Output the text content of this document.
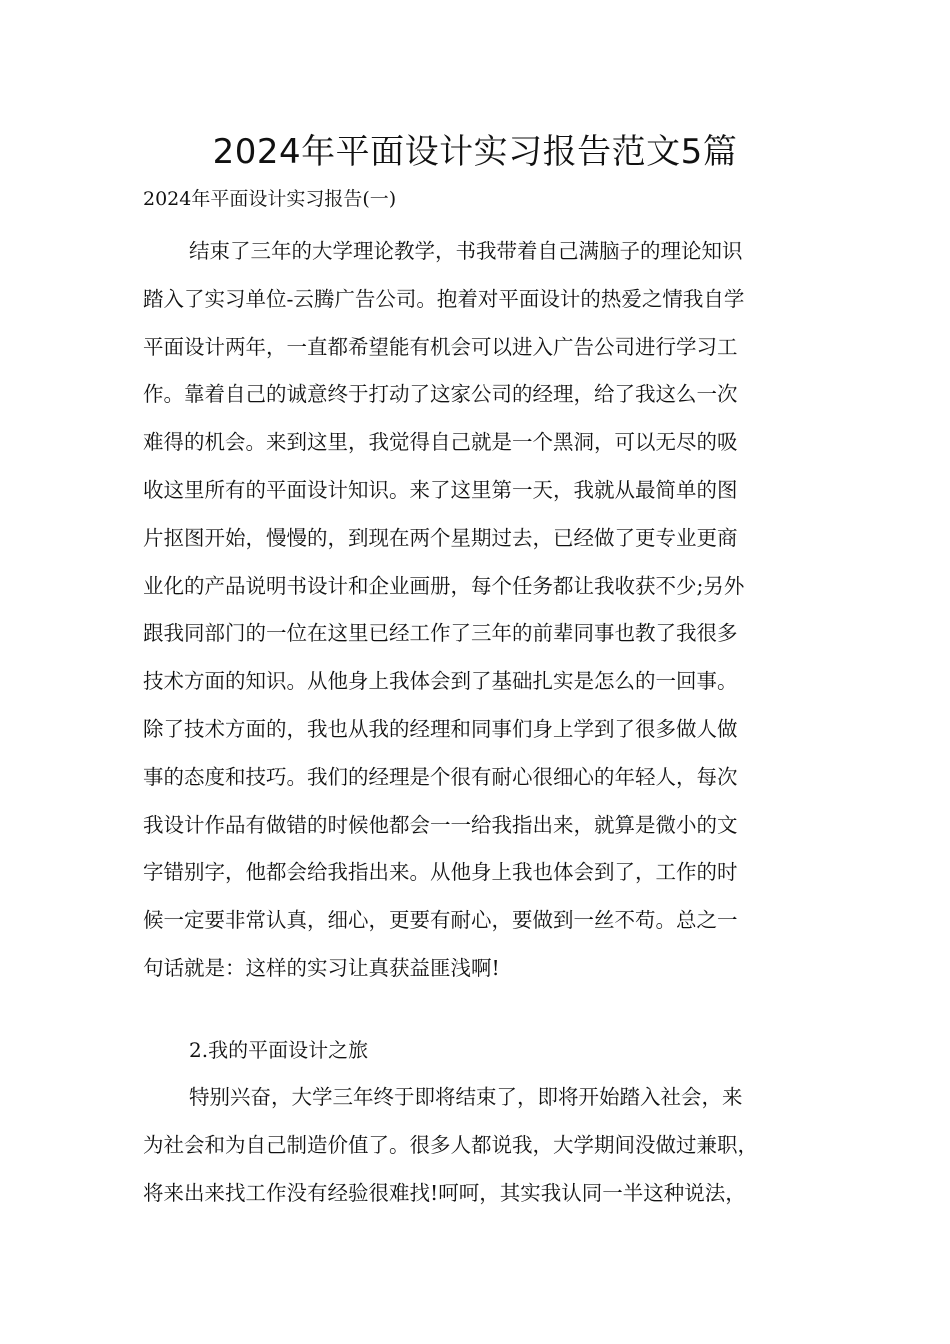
2024年平面设计实习报告范文5篇

2024年平面设计实习报告(一)

结束了三年的大学理论教学，书我带着自己满脑子的理论知识
踏入了实习单位-云腾广告公司。抱着对平面设计的热爱之情我自学
平面设计两年，一直都希望能有机会可以进入广告公司进行学习工
作。靠着自己的诚意终于打动了这家公司的经理，给了我这么一次
难得的机会。来到这里，我觉得自己就是一个黑洞，可以无尽的吸
收这里所有的平面设计知识。来了这里第一天，我就从最简单的图
片抠图开始，慢慢的，到现在两个星期过去，已经做了更专业更商
业化的产品说明书设计和企业画册，每个任务都让我收获不少;另外
跟我同部门的一位在这里已经工作了三年的前辈同事也教了我很多
技术方面的知识。从他身上我体会到了基础扎实是怎么的一回事。
除了技术方面的，我也从我的经理和同事们身上学到了很多做人做
事的态度和技巧。我们的经理是个很有耐心很细心的年轻人，每次
我设计作品有做错的时候他都会一一给我指出来，就算是微小的文
字错别字，他都会给我指出来。从他身上我也体会到了，工作的时
候一定要非常认真，细心，更要有耐心，要做到一丝不苟。总之一
句话就是：这样的实习让真获益匪浅啊!

2.我的平面设计之旅

特别兴奋，大学三年终于即将结束了，即将开始踏入社会，来
为社会和为自己制造价值了。很多人都说我，大学期间没做过兼职，
将来出来找工作没有经验很难找!呵呵，其实我认同一半这种说法，
